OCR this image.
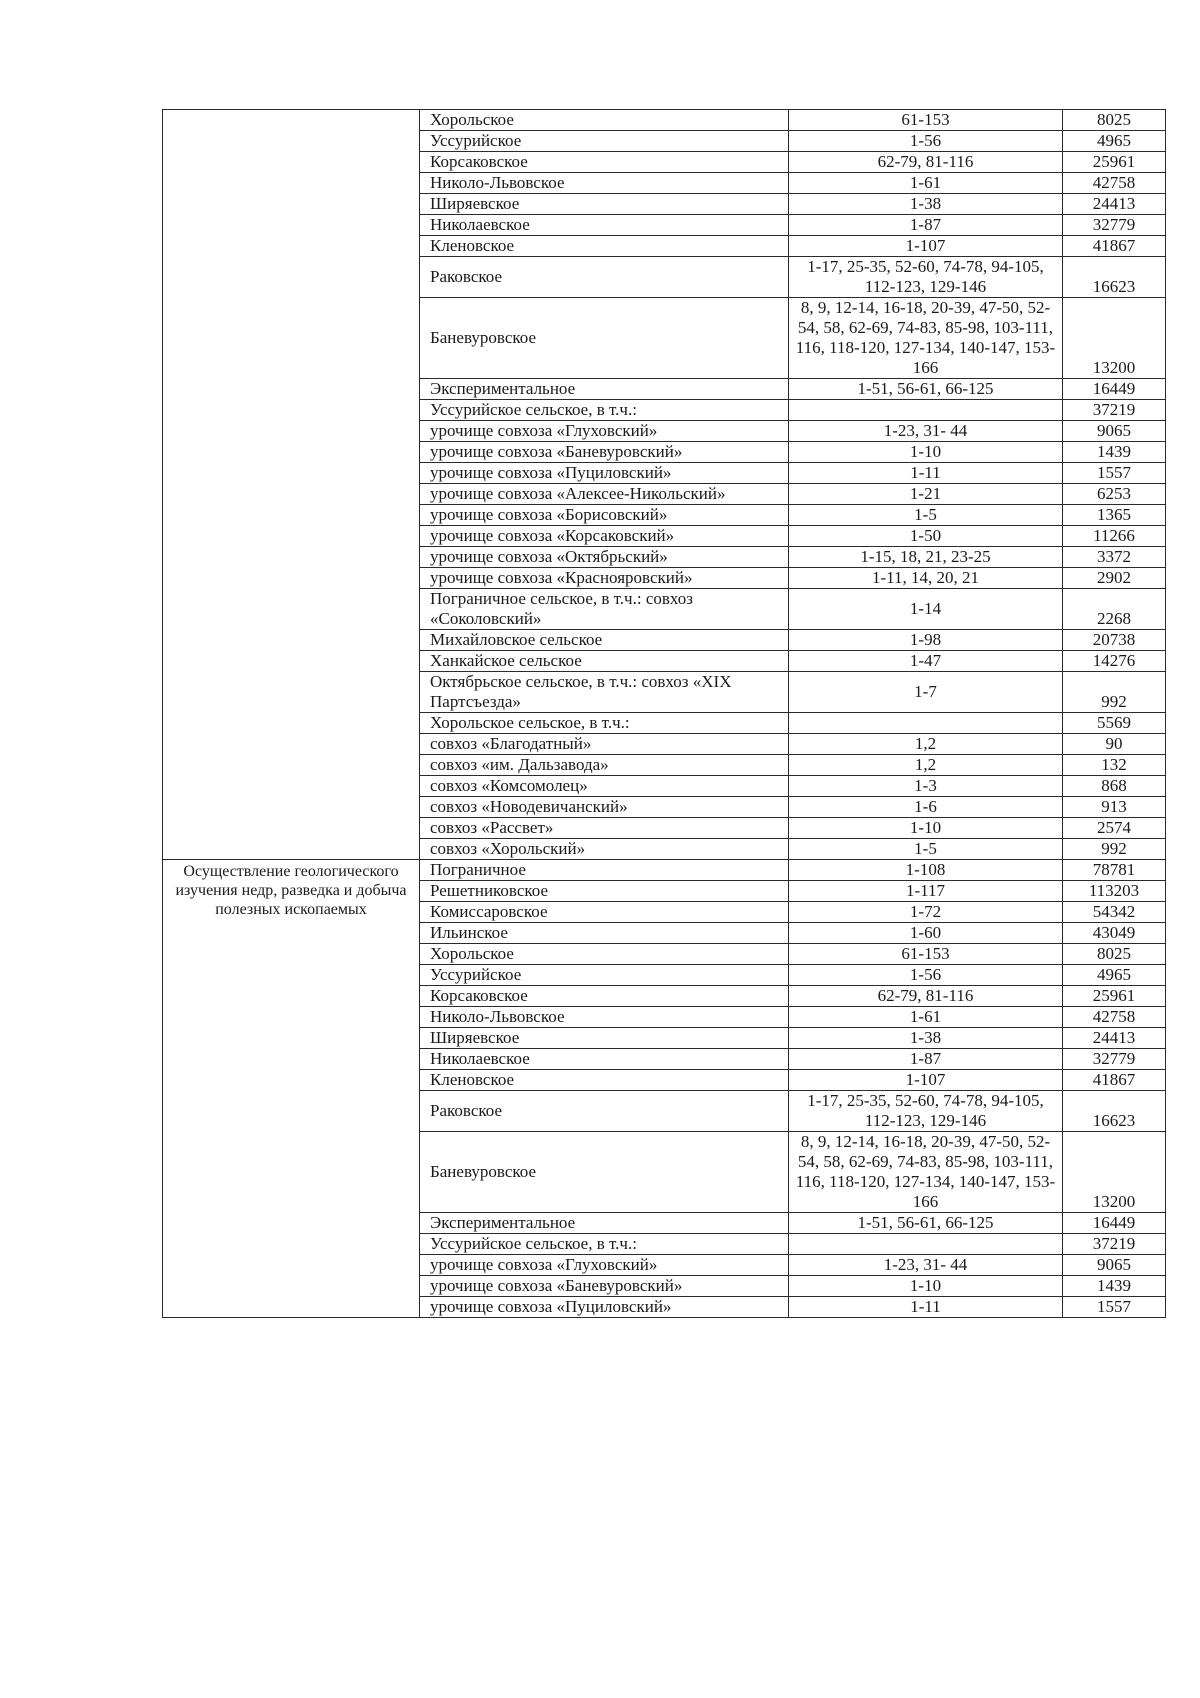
	Хорольское	61-153	8025
	Уссурийское	1-56	4965
	Корсаковское	62-79, 81-116	25961
	Николо-Львовское	1-61	42758
	Ширяевское	1-38	24413
	Николаевское	1-87	32779
	Кленовское	1-107	41867
	Раковское	1-17, 25-35, 52-60, 74-78, 94-105, 112-123, 129-146	16623
	Баневуровское	8, 9, 12-14, 16-18, 20-39, 47-50, 52-54, 58, 62-69, 74-83, 85-98, 103-111, 116, 118-120, 127-134, 140-147, 153-166	13200
	Экспериментальное	1-51, 56-61, 66-125	16449
	Уссурийское сельское, в т.ч.:		37219
	урочище совхоза «Глуховский»	1-23, 31- 44	9065
	урочище совхоза «Баневуровский»	1-10	1439
	урочище совхоза «Пуциловский»	1-11	1557
	урочище совхоза «Алексее-Никольский»	1-21	6253
	урочище совхоза «Борисовский»	1-5	1365
	урочище совхоза «Корсаковский»	1-50	11266
	урочище совхоза «Октябрьский»	1-15, 18, 21, 23-25	3372
	урочище совхоза «Краснояровский»	1-11, 14, 20, 21	2902
	Пограничное сельское, в т.ч.: совхоз «Соколовский»	1-14	2268
	Михайловское сельское	1-98	20738
	Ханкайское сельское	1-47	14276
	Октябрьское сельское, в т.ч.: совхоз «XIX Партсъезда»	1-7	992
	Хорольское сельское, в т.ч.:		5569
	совхоз «Благодатный»	1,2	90
	совхоз «им. Дальзавода»	1,2	132
	совхоз «Комсомолец»	1-3	868
	совхоз «Новодевичанский»	1-6	913
	совхоз «Рассвет»	1-10	2574
	совхоз «Хорольский»	1-5	992
Осуществление геологического изучения недр, разведка и добыча полезных ископаемых	Пограничное	1-108	78781
	Решетниковское	1-117	113203
	Комиссаровское	1-72	54342
	Ильинское	1-60	43049
	Хорольское	61-153	8025
	Уссурийское	1-56	4965
	Корсаковское	62-79, 81-116	25961
	Николо-Львовское	1-61	42758
	Ширяевское	1-38	24413
	Николаевское	1-87	32779
	Кленовское	1-107	41867
	Раковское	1-17, 25-35, 52-60, 74-78, 94-105, 112-123, 129-146	16623
	Баневуровское	8, 9, 12-14, 16-18, 20-39, 47-50, 52-54, 58, 62-69, 74-83, 85-98, 103-111, 116, 118-120, 127-134, 140-147, 153-166	13200
	Экспериментальное	1-51, 56-61, 66-125	16449
	Уссурийское сельское, в т.ч.:		37219
	урочище совхоза «Глуховский»	1-23, 31- 44	9065
	урочище совхоза «Баневуровский»	1-10	1439
	урочище совхоза «Пуциловский»	1-11	1557
